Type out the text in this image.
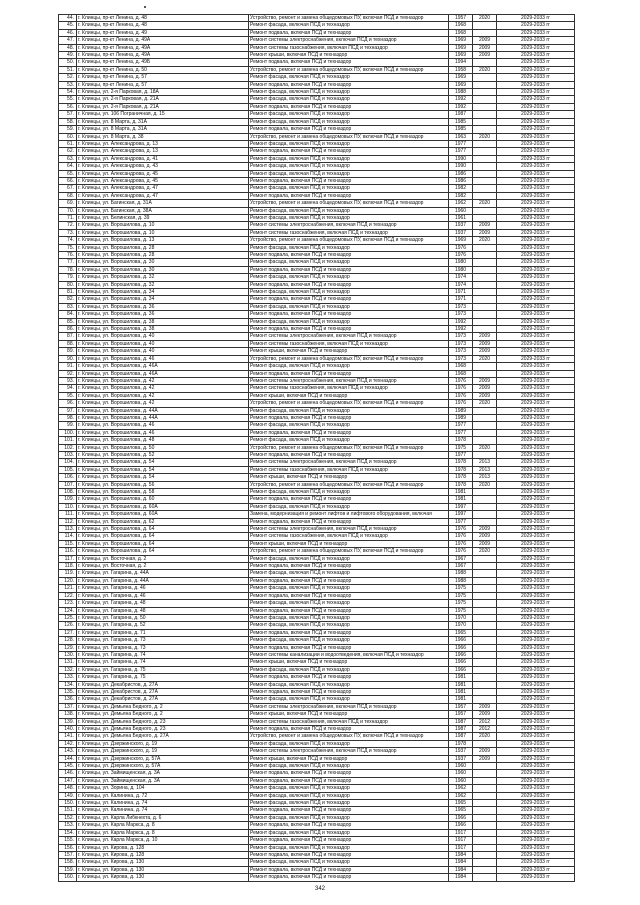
44.	г. Клинцы, пр-кт Ленина, д. 48	Устройство, ремонт и замена общедомовых ПУ, включая ПСД и техназдор	1957	2020	2029-2033 гг
45.	г. Клинцы, пр-кт Ленина, д. 48	Ремонт фасада, включая ПСД и техназдор	1968		2029-2033 гг
46.	г. Клинцы, пр-кт Ленина, д. 49	Ремонт подвала, включая ПСД и техназдор	1968		2029-2033 гг
47.	г. Клинцы, пр-кт Ленина, д. 49А	Ремонт системы электроснабжения, включая ПСД и техназдор	1969	2009	2029-2033 гг
48.	г. Клинцы, пр-кт Ленина, д. 49А	Ремонт системы газоснабжения, включая ПСД и техназдор	1969	2009	2029-2033 гг
49.	г. Клинцы, пр-кт Ленина, д. 49А	Ремонт крыши, включая ПСД и техназдор	1969	2009	2029-2033 гг
50.	г. Клинцы, пр-кт Ленина, д. 49Б	Ремонт подвала, включая ПСД и техназдор	1994		2029-2033 гг
51.	г. Клинцы, пр-кт Ленина, д. 50	Устройство, ремонт и замена общедомовых ПУ, включая ПСД и техназдор	1958	2020	2029-2033 гг
52.	г. Клинцы, пр-кт Ленина, д. 57	Ремонт фасада, включая ПСД и техназдор	1969		2029-2033 гг
53.	г. Клинцы, пр-кт Ленина, д. 57	Ремонт подвала, включая ПСД и техназдор	1969		2029-2033 гг
54.	г. Клинцы, ул. 2-я Парковая, д. 18А	Ремонт фасада, включая ПСД и техназдор	1988		2029-2033 гг
55.	г. Клинцы, ул. 2-я Парковая, д. 21А	Ремонт фасада, включая ПСД и техназдор	1992		2029-2033 гг
56.	г. Клинцы, ул. 2-я Парковая, д. 21А	Ремонт подвала, включая ПСД и техназдор	1992		2029-2033 гг
57.	г. Клинцы, ул. 106 Пограничная, д. 15	Ремонт фасада, включая ПСД и техназдор	1987		2029-2033 гг
58.	г. Клинцы, ул. 8 Марта, д. 31А	Ремонт фасада, включая ПСД и техназдор	1985		2029-2033 гг
59.	г. Клинцы, ул. 8 Марта, д. 31А	Ремонт подвала, включая ПСД и техназдор	1985		2029-2033 гг
60.	г. Клинцы, ул. 8 Марта, д. 38	Устройство, ремонт и замена общедомовых ПУ, включая ПСД и техназдор	1963	2020	2029-2033 гг
61.	г. Клинцы, ул. Александрова, д. 13	Ремонт фасада, включая ПСД и техназдор	1977		2029-2033 гг
62.	г. Клинцы, ул. Александрова, д. 13	Ремонт подвала, включая ПСД и техназдор	1977		2029-2033 гг
63.	г. Клинцы, ул. Александрова, д. 41	Ремонт фасада, включая ПСД и техназдор	1990		2029-2033 гг
64.	г. Клинцы, ул. Александрова, д. 43	Ремонт фасада, включая ПСД и техназдор	1990		2029-2033 гг
65.	г. Клинцы, ул. Александрова, д. 45	Ремонт фасада, включая ПСД и техназдор	1986		2029-2033 гг
66.	г. Клинцы, ул. Александрова, д. 45	Ремонт подвала, включая ПСД и техназдор	1986		2029-2033 гг
67.	г. Клинцы, ул. Александрова, д. 47	Ремонт фасада, включая ПСД и техназдор	1982		2029-2033 гг
68.	г. Клинцы, ул. Александрова, д. 47	Ремонт подвала, включая ПСД и техназдор	1982		2029-2033 гг
69.	г. Клинцы, ул. Багинская, д. 31А	Устройство, ремонт и замена общедомовых ПУ, включая ПСД и техназдор	1962	2020	2029-2033 гг
70.	г. Клинцы, ул. Багинская, д. 38А	Ремонт фасада, включая ПСД и техназдор	1960		2029-2033 гг
71.	г. Клинцы, ул. Белинская, д. 39	Ремонт фасада, включая ПСД и техназдор	1961		2029-2033 гг
72.	г. Клинцы, ул. Ворошилова, д. 10	Ремонт системы электроснабжения, включая ПСД и техназдор	1937	2009	2029-2033 гг
73.	г. Клинцы, ул. Ворошилова, д. 10	Ремонт системы газоснабжения, включая ПСД и техназдор	1937	2009	2029-2033 гг
74.	г. Клинцы, ул. Ворошилова, д. 13	Устройство, ремонт и замена общедомовых ПУ, включая ПСД и техназдор	1969	2020	2029-2033 гг
75.	г. Клинцы, ул. Ворошилова, д. 28	Ремонт фасада, включая ПСД и техназдор	1976		2029-2033 гг
76.	г. Клинцы, ул. Ворошилова, д. 28	Ремонт подвала, включая ПСД и техназдор	1976		2029-2033 гг
77.	г. Клинцы, ул. Ворошилова, д. 30	Ремонт фасада, включая ПСД и техназдор	1980		2029-2033 гг
78.	г. Клинцы, ул. Ворошилова, д. 30	Ремонт подвала, включая ПСД и техназдор	1980		2029-2033 гг
79.	г. Клинцы, ул. Ворошилова, д. 32	Ремонт фасада, включая ПСД и техназдор	1974		2029-2033 гг
80.	г. Клинцы, ул. Ворошилова, д. 32	Ремонт подвала, включая ПСД и техназдор	1974		2029-2033 гг
81.	г. Клинцы, ул. Ворошилова, д. 34	Ремонт фасада, включая ПСД и техназдор	1971		2029-2033 гг
82.	г. Клинцы, ул. Ворошилова, д. 34	Ремонт подвала, включая ПСД и техназдор	1971		2029-2033 гг
83.	г. Клинцы, ул. Ворошилова, д. 36	Ремонт фасада, включая ПСД и техназдор	1973		2029-2033 гг
84.	г. Клинцы, ул. Ворошилова, д. 36	Ремонт подвала, включая ПСД и техназдор	1973		2029-2033 гг
85.	г. Клинцы, ул. Ворошилова, д. 38	Ремонт фасада, включая ПСД и техназдор	1992		2029-2033 гг
86.	г. Клинцы, ул. Ворошилова, д. 38	Ремонт подвала, включая ПСД и техназдор	1992		2029-2033 гг
87.	г. Клинцы, ул. Ворошилова, д. 40	Ремонт системы электроснабжения, включая ПСД и техназдор	1973	2009	2029-2033 гг
88.	г. Клинцы, ул. Ворошилова, д. 40	Ремонт системы газоснабжения, включая ПСД и техназдор	1973	2009	2029-2033 гг
89.	г. Клинцы, ул. Ворошилова, д. 40	Ремонт крыши, включая ПСД и техназдор	1973	2009	2029-2033 гг
90.	г. Клинцы, ул. Ворошилова, д. 46	Устройство, ремонт и замена общедомовых ПУ, включая ПСД и техназдор	1973	2020	2029-2033 гг
91.	г. Клинцы, ул. Ворошилова, д. 46А	Ремонт фасада, включая ПСД и техназдор	1968		2029-2033 гг
92.	г. Клинцы, ул. Ворошилова, д. 46А	Ремонт подвала, включая ПСД и техназдор	1968		2029-2033 гг
93.	г. Клинцы, ул. Ворошилова, д. 42	Ремонт системы электроснабжения, включая ПСД и техназдор	1976	2009	2029-2033 гг
94.	г. Клинцы, ул. Ворошилова, д. 42	Ремонт системы газоснабжения, включая ПСД и техназдор	1976	2009	2029-2033 гг
95.	г. Клинцы, ул. Ворошилова, д. 42	Ремонт крыши, включая ПСД и техназдор	1976	2009	2029-2033 гг
96.	г. Клинцы, ул. Ворошилова, д. 42	Устройство, ремонт и замена общедомовых ПУ, включая ПСД и техназдор	1976	2020	2029-2033 гг
97.	г. Клинцы, ул. Ворошилова, д. 44А	Ремонт фасада, включая ПСД и техназдор	1989		2029-2033 гг
98.	г. Клинцы, ул. Ворошилова, д. 44А	Ремонт подвала, включая ПСД и техназдор	1989		2029-2033 гг
99.	г. Клинцы, ул. Ворошилова, д. 46	Ремонт фасада, включая ПСД и техназдор	1977		2029-2033 гг
100.	г. Клинцы, ул. Ворошилова, д. 46	Ремонт подвала, включая ПСД и техназдор	1977		2029-2033 гг
101.	г. Клинцы, ул. Ворошилова, д. 48	Ремонт фасада, включая ПСД и техназдор	1978		2029-2033 гг
102.	г. Клинцы, ул. Ворошилова, д. 50	Устройство, ремонт и замена общедомовых ПУ, включая ПСД и техназдор	1975	2020	2029-2033 гг
103.	г. Клинцы, ул. Ворошилова, д. 52	Ремонт подвала, включая ПСД и техназдор	1977		2029-2033 гг
104.	г. Клинцы, ул. Ворошилова, д. 54	Ремонт системы электроснабжения, включая ПСД и техназдор	1978	2013	2029-2033 гг
105.	г. Клинцы, ул. Ворошилова, д. 54	Ремонт системы газоснабжения, включая ПСД и техназдор	1978	2013	2029-2033 гг
106.	г. Клинцы, ул. Ворошилова, д. 54	Ремонт крыши, включая ПСД и техназдор	1978	2013	2029-2033 гг
107.	г. Клинцы, ул. Ворошилова, д. 56	Устройство, ремонт и замена общедомовых ПУ, включая ПСД и техназдор	1978	2020	2029-2033 гг
108.	г. Клинцы, ул. Ворошилова, д. 58	Ремонт фасада, включая ПСД и техназдор	1981		2029-2033 гг
109.	г. Клинцы, ул. Ворошилова, д. 60	Ремонт подвала, включая ПСД и техназдор	1981		2029-2033 гг
110.	г. Клинцы, ул. Ворошилова, д. 60А	Ремонт фасада, включая ПСД и техназдор	1997		2029-2033 гг
111.	г. Клинцы, ул. Ворошилова, д. 60А	Замена, модернизация и ремонт лифтов и лифтового оборудования, включая	1997		2029-2033 гг
112.	г. Клинцы, ул. Ворошилова, д. 62	Ремонт подвала, включая ПСД и техназдор	1977		2029-2033 гг
113.	г. Клинцы, ул. Ворошилова, д. 64	Ремонт системы электроснабжения, включая ПСД и техназдор	1976	2009	2029-2033 гг
114.	г. Клинцы, ул. Ворошилова, д. 64	Ремонт системы газоснабжения, включая ПСД и техназдор	1976	2009	2029-2033 гг
115.	г. Клинцы, ул. Ворошилова, д. 64	Ремонт крыши, включая ПСД и техназдор	1976	2009	2029-2033 гг
116.	г. Клинцы, ул. Ворошилова, д. 64	Устройство, ремонт и замена общедомовых ПУ, включая ПСД и техназдор	1976	2020	2029-2033 гг
117.	г. Клинцы, ул. Восточная, д. 2	Ремонт фасада, включая ПСД и техназдор	1967		2029-2033 гг
118.	г. Клинцы, ул. Восточная, д. 2	Ремонт подвала, включая ПСД и техназдор	1967		2029-2033 гг
119.	г. Клинцы, ул. Гагарина, д. 44А	Ремонт фасада, включая ПСД и техназдор	1988		2029-2033 гг
120.	г. Клинцы, ул. Гагарина, д. 44А	Ремонт подвала, включая ПСД и техназдор	1988		2029-2033 гг
121.	г. Клинцы, ул. Гагарина, д. 46	Ремонт фасада, включая ПСД и техназдор	1975		2029-2033 гг
122.	г. Клинцы, ул. Гагарина, д. 46	Ремонт подвала, включая ПСД и техназдор	1975		2029-2033 гг
123.	г. Клинцы, ул. Гагарина, д. 48	Ремонт фасада, включая ПСД и техназдор	1975		2029-2033 гг
124.	г. Клинцы, ул. Гагарина, д. 48	Ремонт подвала, включая ПСД и техназдор	1975		2029-2033 гг
125.	г. Клинцы, ул. Гагарина, д. 50	Ремонт фасада, включая ПСД и техназдор	1970		2029-2033 гг
126.	г. Клинцы, ул. Гагарина, д. 52	Ремонт фасада, включая ПСД и техназдор	1970		2029-2033 гг
127.	г. Клинцы, ул. Гагарина, д. 71	Ремонт подвала, включая ПСД и техназдор	1965		2029-2033 гг
128.	г. Клинцы, ул. Гагарина, д. 73	Ремонт фасада, включая ПСД и техназдор	1966		2029-2033 гг
129.	г. Клинцы, ул. Гагарина, д. 73	Ремонт подвала, включая ПСД и техназдор	1966		2029-2033 гг
130.	г. Клинцы, ул. Гагарина, д. 74	Ремонт системы канализации и водоотведения, включая ПСД и техназдор	1966		2029-2033 гг
131.	г. Клинцы, ул. Гагарина, д. 74	Ремонт крыши, включая ПСД и техназдор	1966		2029-2033 гг
132.	г. Клинцы, ул. Гагарина, д. 75	Ремонт фасада, включая ПСД и техназдор	1966		2029-2033 гг
133.	г. Клинцы, ул. Гагарина, д. 75	Ремонт подвала, включая ПСД и техназдор	1981		2029-2033 гг
134.	г. Клинцы, ул. Декабристов, д. 27А	Ремонт фасада, включая ПСД и техназдор	1981		2029-2033 гг
135.	г. Клинцы, ул. Декабристов, д. 27А	Ремонт подвала, включая ПСД и техназдор	1981		2029-2033 гг
136.	г. Клинцы, ул. Декабристов, д. 27А	Ремонт фасада, включая ПСД и техназдор	1981		2029-2033 гг
137.	г. Клинцы, ул. Демьяна Бедного, д. 2	Ремонт системы электроснабжения, включая ПСД и техназдор	1957	2009	2029-2033 гг
138.	г. Клинцы, ул. Демьяна Бедного, д. 2	Ремонт крыши, включая ПСД и техназдор	1957	2009	2029-2033 гг
139.	г. Клинцы, ул. Демьяна Бедного, д. 23	Ремонт системы газоснабжения, включая ПСД и техназдор	1987	2012	2029-2033 гг
140.	г. Клинцы, ул. Демьяна Бедного, д. 23	Ремонт подвала, включая ПСД и техназдор	1987	2012	2029-2033 гг
141.	г. Клинцы, ул. Демьяна Бедного, д. 27А	Устройство, ремонт и замена общедомовых ПУ, включая ПСД и техназдор	1987	2020	2029-2033 гг
142.	г. Клинцы, ул. Дзержинского, д. 19	Ремонт фасада, включая ПСД и техназдор	1978		2029-2033 гг
143.	г. Клинцы, ул. Дзержинского, д. 19	Ремонт системы электроснабжения, включая ПСД и техназдор	1937	2009	2029-2033 гг
144.	г. Клинцы, ул. Дзержинского, д. 57А	Ремонт крыши, включая ПСД и техназдор	1937	2009	2029-2033 гг
145.	г. Клинцы, ул. Дзержинского, д. 57А	Ремонт фасада, включая ПСД и техназдор	1960		2029-2033 гг
146.	г. Клинцы, ул. Займищенская, д. 3А	Ремонт подвала, включая ПСД и техназдор	1960		2029-2033 гг
147.	г. Клинцы, ул. Займищенская, д. 3А	Ремонт подвала, включая ПСД и техназдор	1960		2029-2033 гг
148.	г. Клинцы, ул. Зорина, д. 104	Ремонт фасада, включая ПСД и техназдор	1962		2029-2033 гг
149.	г. Клинцы, ул. Калинина, д. 72	Ремонт фасада, включая ПСД и техназдор	1962		2029-2033 гг
150.	г. Клинцы, ул. Калинина, д. 74	Ремонт фасада, включая ПСД и техназдор	1965		2029-2033 гг
151.	г. Клинцы, ул. Калинина, д. 74	Ремонт подвала, включая ПСД и техназдор	1965		2029-2033 гг
152.	г. Клинцы, ул. Карла Либкнехта, д. 6	Ремонт фасада, включая ПСД и техназдор	1966		2029-2033 гг
153.	г. Клинцы, ул. Карла Маркса, д. 8	Ремонт подвала, включая ПСД и техназдор	1966		2029-2033 гг
154.	г. Клинцы, ул. Карла Маркса, д. 8	Ремонт фасада, включая ПСД и техназдор	1917		2029-2033 гг
155.	г. Клинцы, ул. Карла Маркса, д. 10	Ремонт подвала, включая ПСД и техназдор	1917		2029-2033 гг
156.	г. Клинцы, ул. Кирова, д. 128	Ремонт фасада, включая ПСД и техназдор	1917		2029-2033 гг
157.	г. Клинцы, ул. Кирова, д. 128	Ремонт подвала, включая ПСД и техназдор	1984		2029-2033 гг
158.	г. Клинцы, ул. Кирова, д. 130	Ремонт фасада, включая ПСД и техназдор	1984		2029-2033 гг
159.	г. Клинцы, ул. Кирова, д. 130	Ремонт подвала, включая ПСД и техназдор	1984		2029-2033 гг
160.	г. Клинцы, ул. Кирова, д. 130	Ремонт подвала, включая ПСД и техназдор	1984		2029-2033 гг
342
